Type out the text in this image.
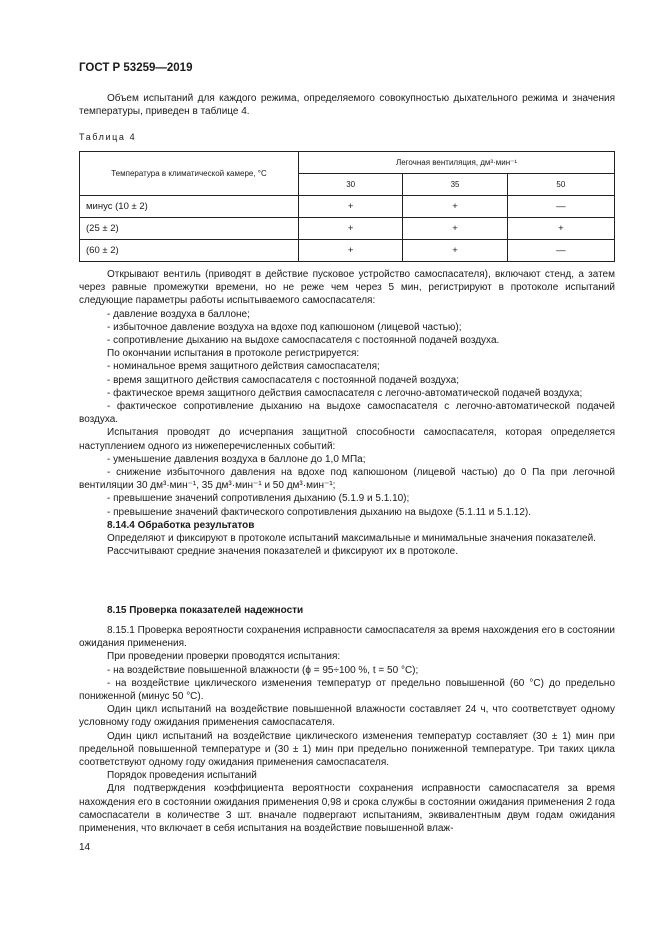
ГОСТ Р 53259—2019
Объем испытаний для каждого режима, определяемого совокупностью дыхательного режима и значения температуры, приведен в таблице 4.
Таблица 4
Температура в климатической камере, °С	Легочная вентиляция, дм³·мин⁻¹		
	30	35	50
минус (10 ± 2)	+	+	—
(25 ± 2)	+	+	+
(60 ± 2)	+	+	—
Открывают вентиль (приводят в действие пусковое устройство самоспасателя), включают стенд, а затем через равные промежутки времени, но не реже чем через 5 мин, регистрируют в протоколе испытаний следующие параметры работы испытываемого самоспасателя:
- давление воздуха в баллоне;
- избыточное давление воздуха на вдохе под капюшоном (лицевой частью);
- сопротивление дыханию на выдохе самоспасателя с постоянной подачей воздуха.
По окончании испытания в протоколе регистрируется:
- номинальное время защитного действия самоспасателя;
- время защитного действия самоспасателя с постоянной подачей воздуха;
- фактическое время защитного действия самоспасателя с легочно-автоматической подачей воздуха;
- фактическое сопротивление дыханию на выдохе самоспасателя с легочно-автоматической подачей воздуха.
Испытания проводят до исчерпания защитной способности самоспасателя, которая определяется наступлением одного из нижеперечисленных событий:
- уменьшение давления воздуха в баллоне до 1,0 МПа;
- снижение избыточного давления на вдохе под капюшоном (лицевой частью) до 0 Па при легочной вентиляции 30 дм³·мин⁻¹, 35 дм³·мин⁻¹ и 50 дм³·мин⁻¹;
- превышение значений сопротивления дыханию (5.1.9 и 5.1.10);
- превышение значений фактического сопротивления дыханию на выдохе (5.1.11 и 5.1.12).
8.14.4 Обработка результатов
Определяют и фиксируют в протоколе испытаний максимальные и минимальные значения показателей.
Рассчитывают средние значения показателей и фиксируют их в протоколе.
8.15 Проверка показателей надежности
8.15.1 Проверка вероятности сохранения исправности самоспасателя за время нахождения его в состоянии ожидания применения.
При проведении проверки проводятся испытания:
- на воздействие повышенной влажности (ϕ = 95÷100 %, t = 50 °С);
- на воздействие циклического изменения температур от предельно повышенной (60 °С) до предельно пониженной (минус 50 °С).
Один цикл испытаний на воздействие повышенной влажности составляет 24 ч, что соответствует одному условному году ожидания применения самоспасателя.
Один цикл испытаний на воздействие циклического изменения температур составляет (30 ± 1) мин при предельной повышенной температуре и (30 ± 1) мин при предельно пониженной температуре. Три таких цикла соответствуют одному году ожидания применения самоспасателя.
Порядок проведения испытаний
Для подтверждения коэффициента вероятности сохранения исправности самоспасателя за время нахождения его в состоянии ожидания применения 0,98 и срока службы в состоянии ожидания применения 2 года самоспасатели в количестве 3 шт. вначале подвергают испытаниям, эквивалентным двум годам ожидания применения, что включает в себя испытания на воздействие повышенной влаж-
14
